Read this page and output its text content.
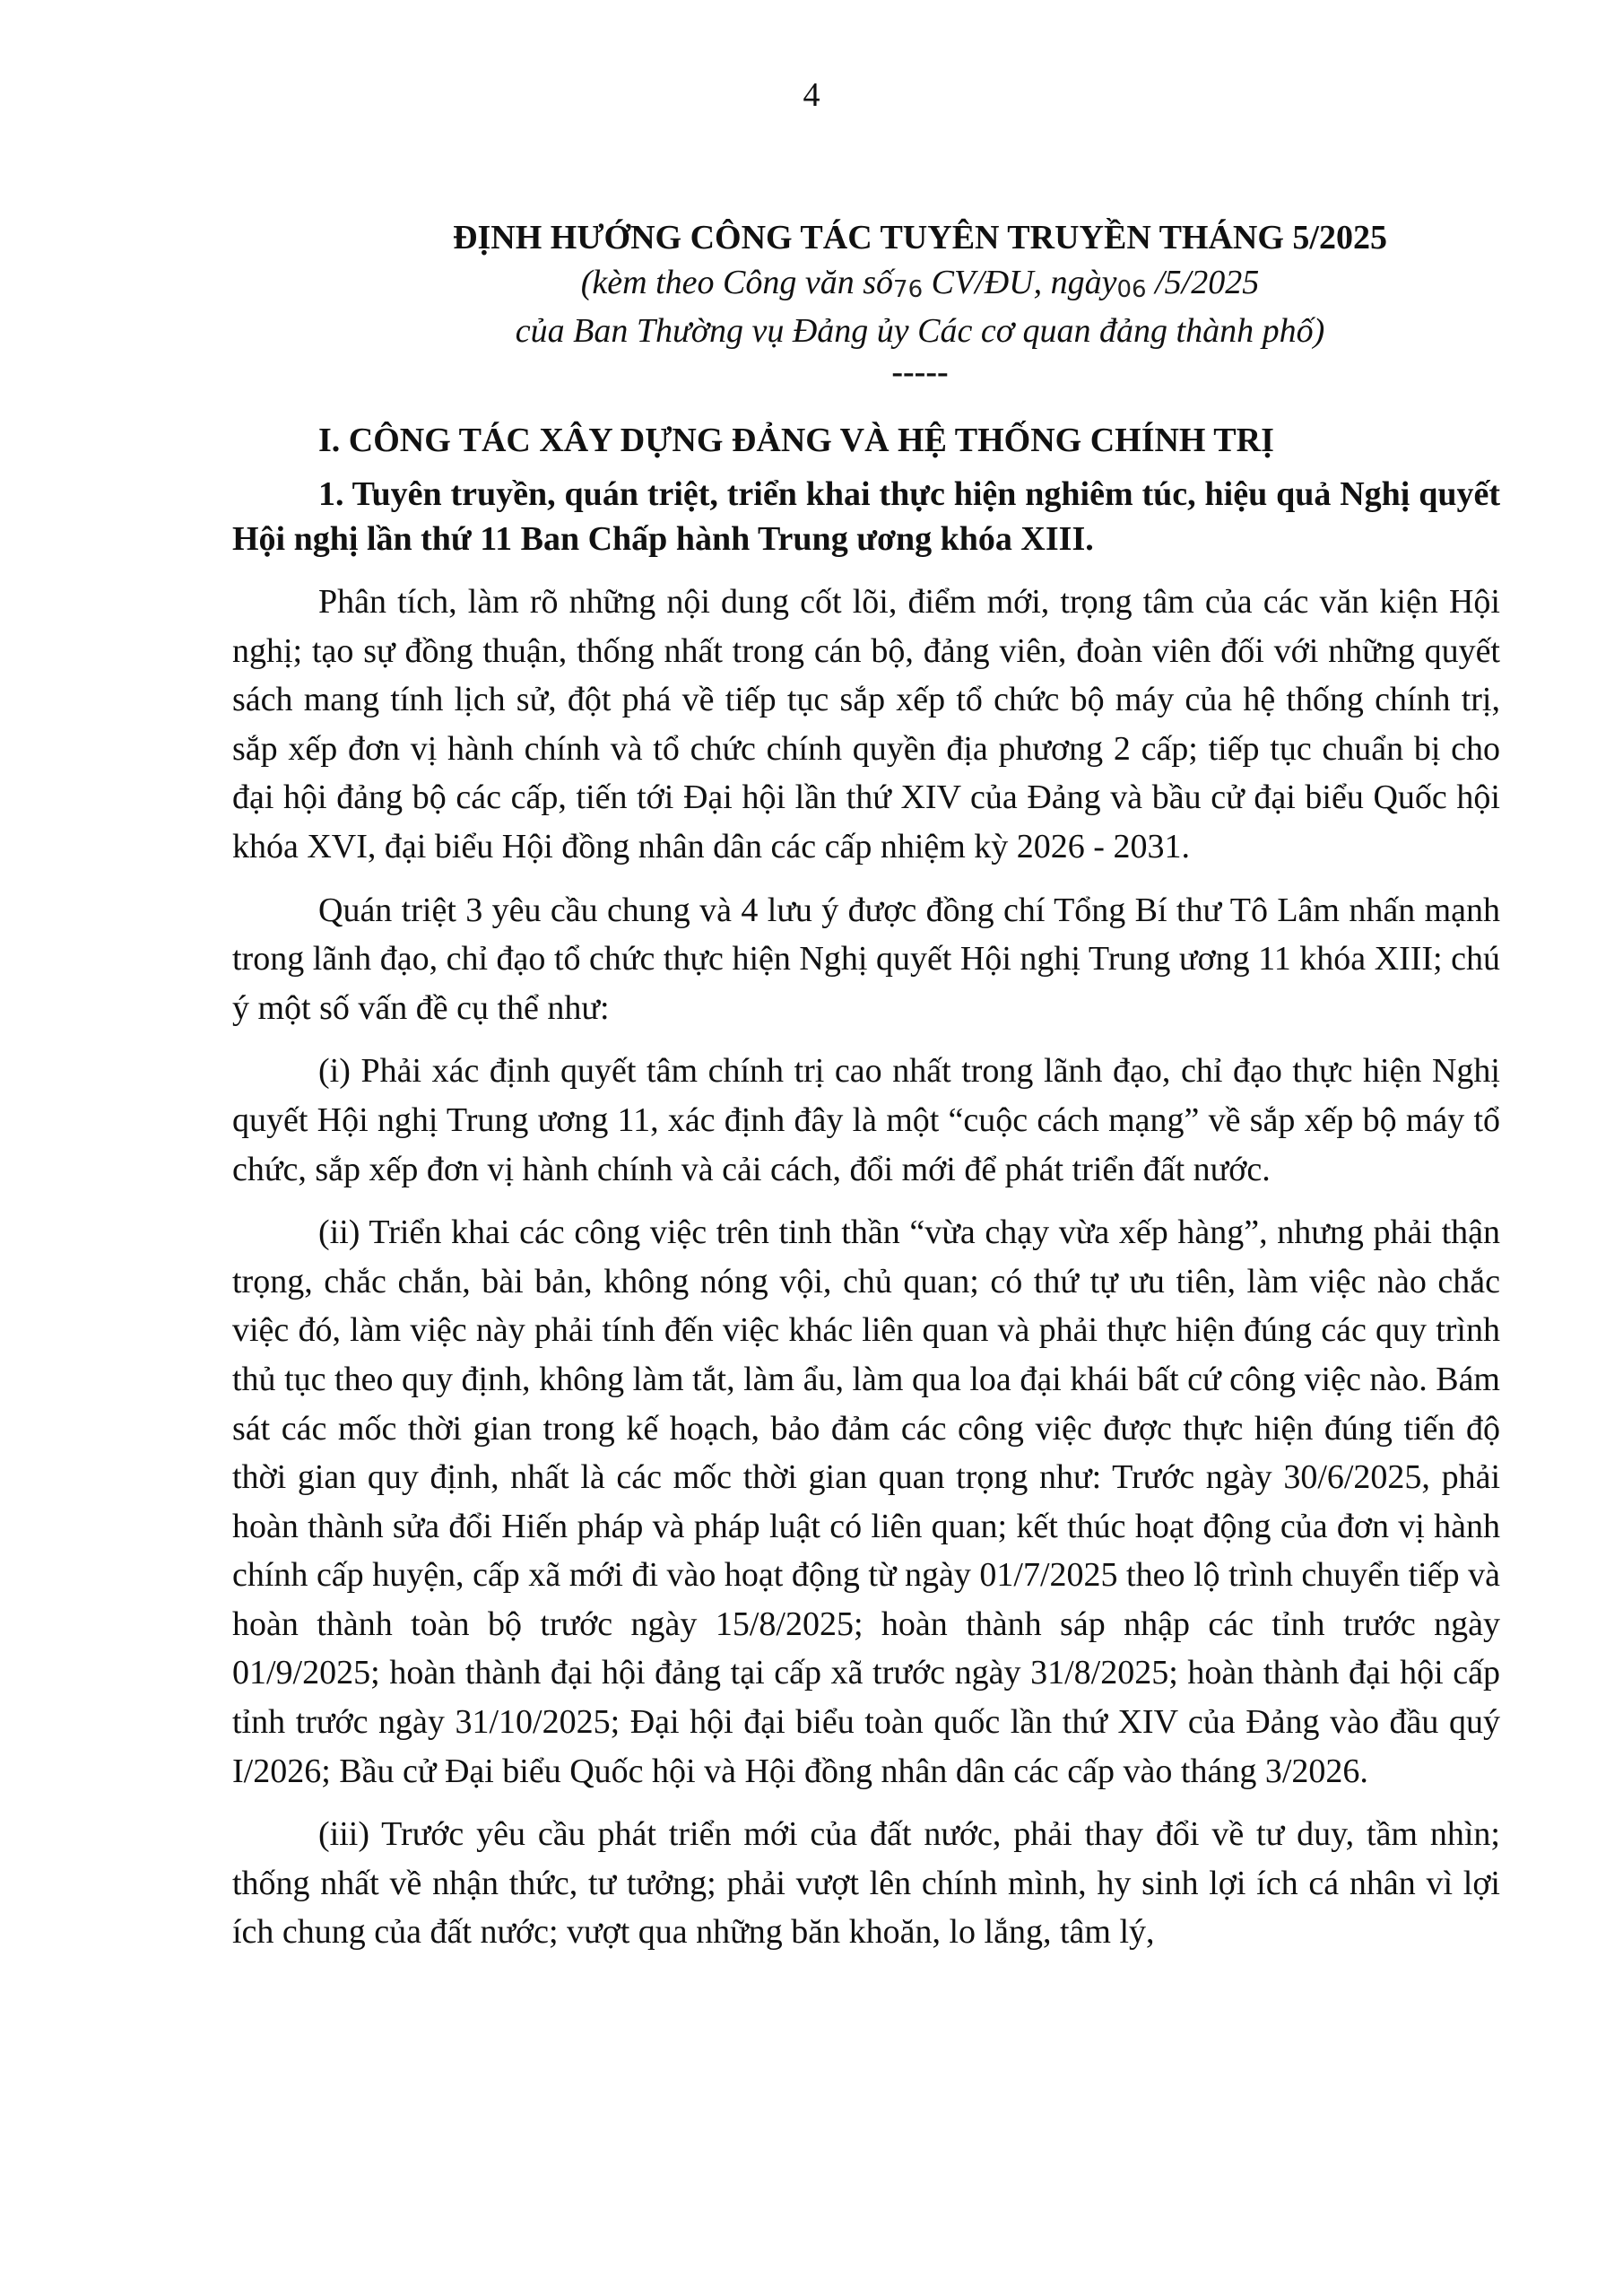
4
ĐỊNH HƯỚNG CÔNG TÁC TUYÊN TRUYỀN THÁNG 5/2025
(kèm theo Công văn số76 CV/ĐU, ngày06 /5/2025
của Ban Thường vụ Đảng ủy Các cơ quan đảng thành phố)
-----
I. CÔNG TÁC XÂY DỰNG ĐẢNG VÀ HỆ THỐNG CHÍNH TRỊ
1. Tuyên truyền, quán triệt, triển khai thực hiện nghiêm túc, hiệu quả Nghị quyết Hội nghị lần thứ 11 Ban Chấp hành Trung ương khóa XIII.

Phân tích, làm rõ những nội dung cốt lõi, điểm mới, trọng tâm của các văn kiện Hội nghị; tạo sự đồng thuận, thống nhất trong cán bộ, đảng viên, đoàn viên đối với những quyết sách mang tính lịch sử, đột phá về tiếp tục sắp xếp tổ chức bộ máy của hệ thống chính trị, sắp xếp đơn vị hành chính và tổ chức chính quyền địa phương 2 cấp; tiếp tục chuẩn bị cho đại hội đảng bộ các cấp, tiến tới Đại hội lần thứ XIV của Đảng và bầu cử đại biểu Quốc hội khóa XVI, đại biểu Hội đồng nhân dân các cấp nhiệm kỳ 2026 - 2031.

Quán triệt 3 yêu cầu chung và 4 lưu ý được đồng chí Tổng Bí thư Tô Lâm nhấn mạnh trong lãnh đạo, chỉ đạo tổ chức thực hiện Nghị quyết Hội nghị Trung ương 11 khóa XIII; chú ý một số vấn đề cụ thể như:

(i) Phải xác định quyết tâm chính trị cao nhất trong lãnh đạo, chỉ đạo thực hiện Nghị quyết Hội nghị Trung ương 11, xác định đây là một “cuộc cách mạng” về sắp xếp bộ máy tổ chức, sắp xếp đơn vị hành chính và cải cách, đổi mới để phát triển đất nước.

(ii) Triển khai các công việc trên tinh thần “vừa chạy vừa xếp hàng”, nhưng phải thận trọng, chắc chắn, bài bản, không nóng vội, chủ quan; có thứ tự ưu tiên, làm việc nào chắc việc đó, làm việc này phải tính đến việc khác liên quan và phải thực hiện đúng các quy trình thủ tục theo quy định, không làm tắt, làm ẩu, làm qua loa đại khái bất cứ công việc nào. Bám sát các mốc thời gian trong kế hoạch, bảo đảm các công việc được thực hiện đúng tiến độ thời gian quy định, nhất là các mốc thời gian quan trọng như: Trước ngày 30/6/2025, phải hoàn thành sửa đổi Hiến pháp và pháp luật có liên quan; kết thúc hoạt động của đơn vị hành chính cấp huyện, cấp xã mới đi vào hoạt động từ ngày 01/7/2025 theo lộ trình chuyển tiếp và hoàn thành toàn bộ trước ngày 15/8/2025; hoàn thành sáp nhập các tỉnh trước ngày 01/9/2025; hoàn thành đại hội đảng tại cấp xã trước ngày 31/8/2025; hoàn thành đại hội cấp tỉnh trước ngày 31/10/2025; Đại hội đại biểu toàn quốc lần thứ XIV của Đảng vào đầu quý I/2026; Bầu cử Đại biểu Quốc hội và Hội đồng nhân dân các cấp vào tháng 3/2026.

(iii) Trước yêu cầu phát triển mới của đất nước, phải thay đổi về tư duy, tầm nhìn; thống nhất về nhận thức, tư tưởng; phải vượt lên chính mình, hy sinh lợi ích cá nhân vì lợi ích chung của đất nước; vượt qua những băn khoăn, lo lắng, tâm lý,
